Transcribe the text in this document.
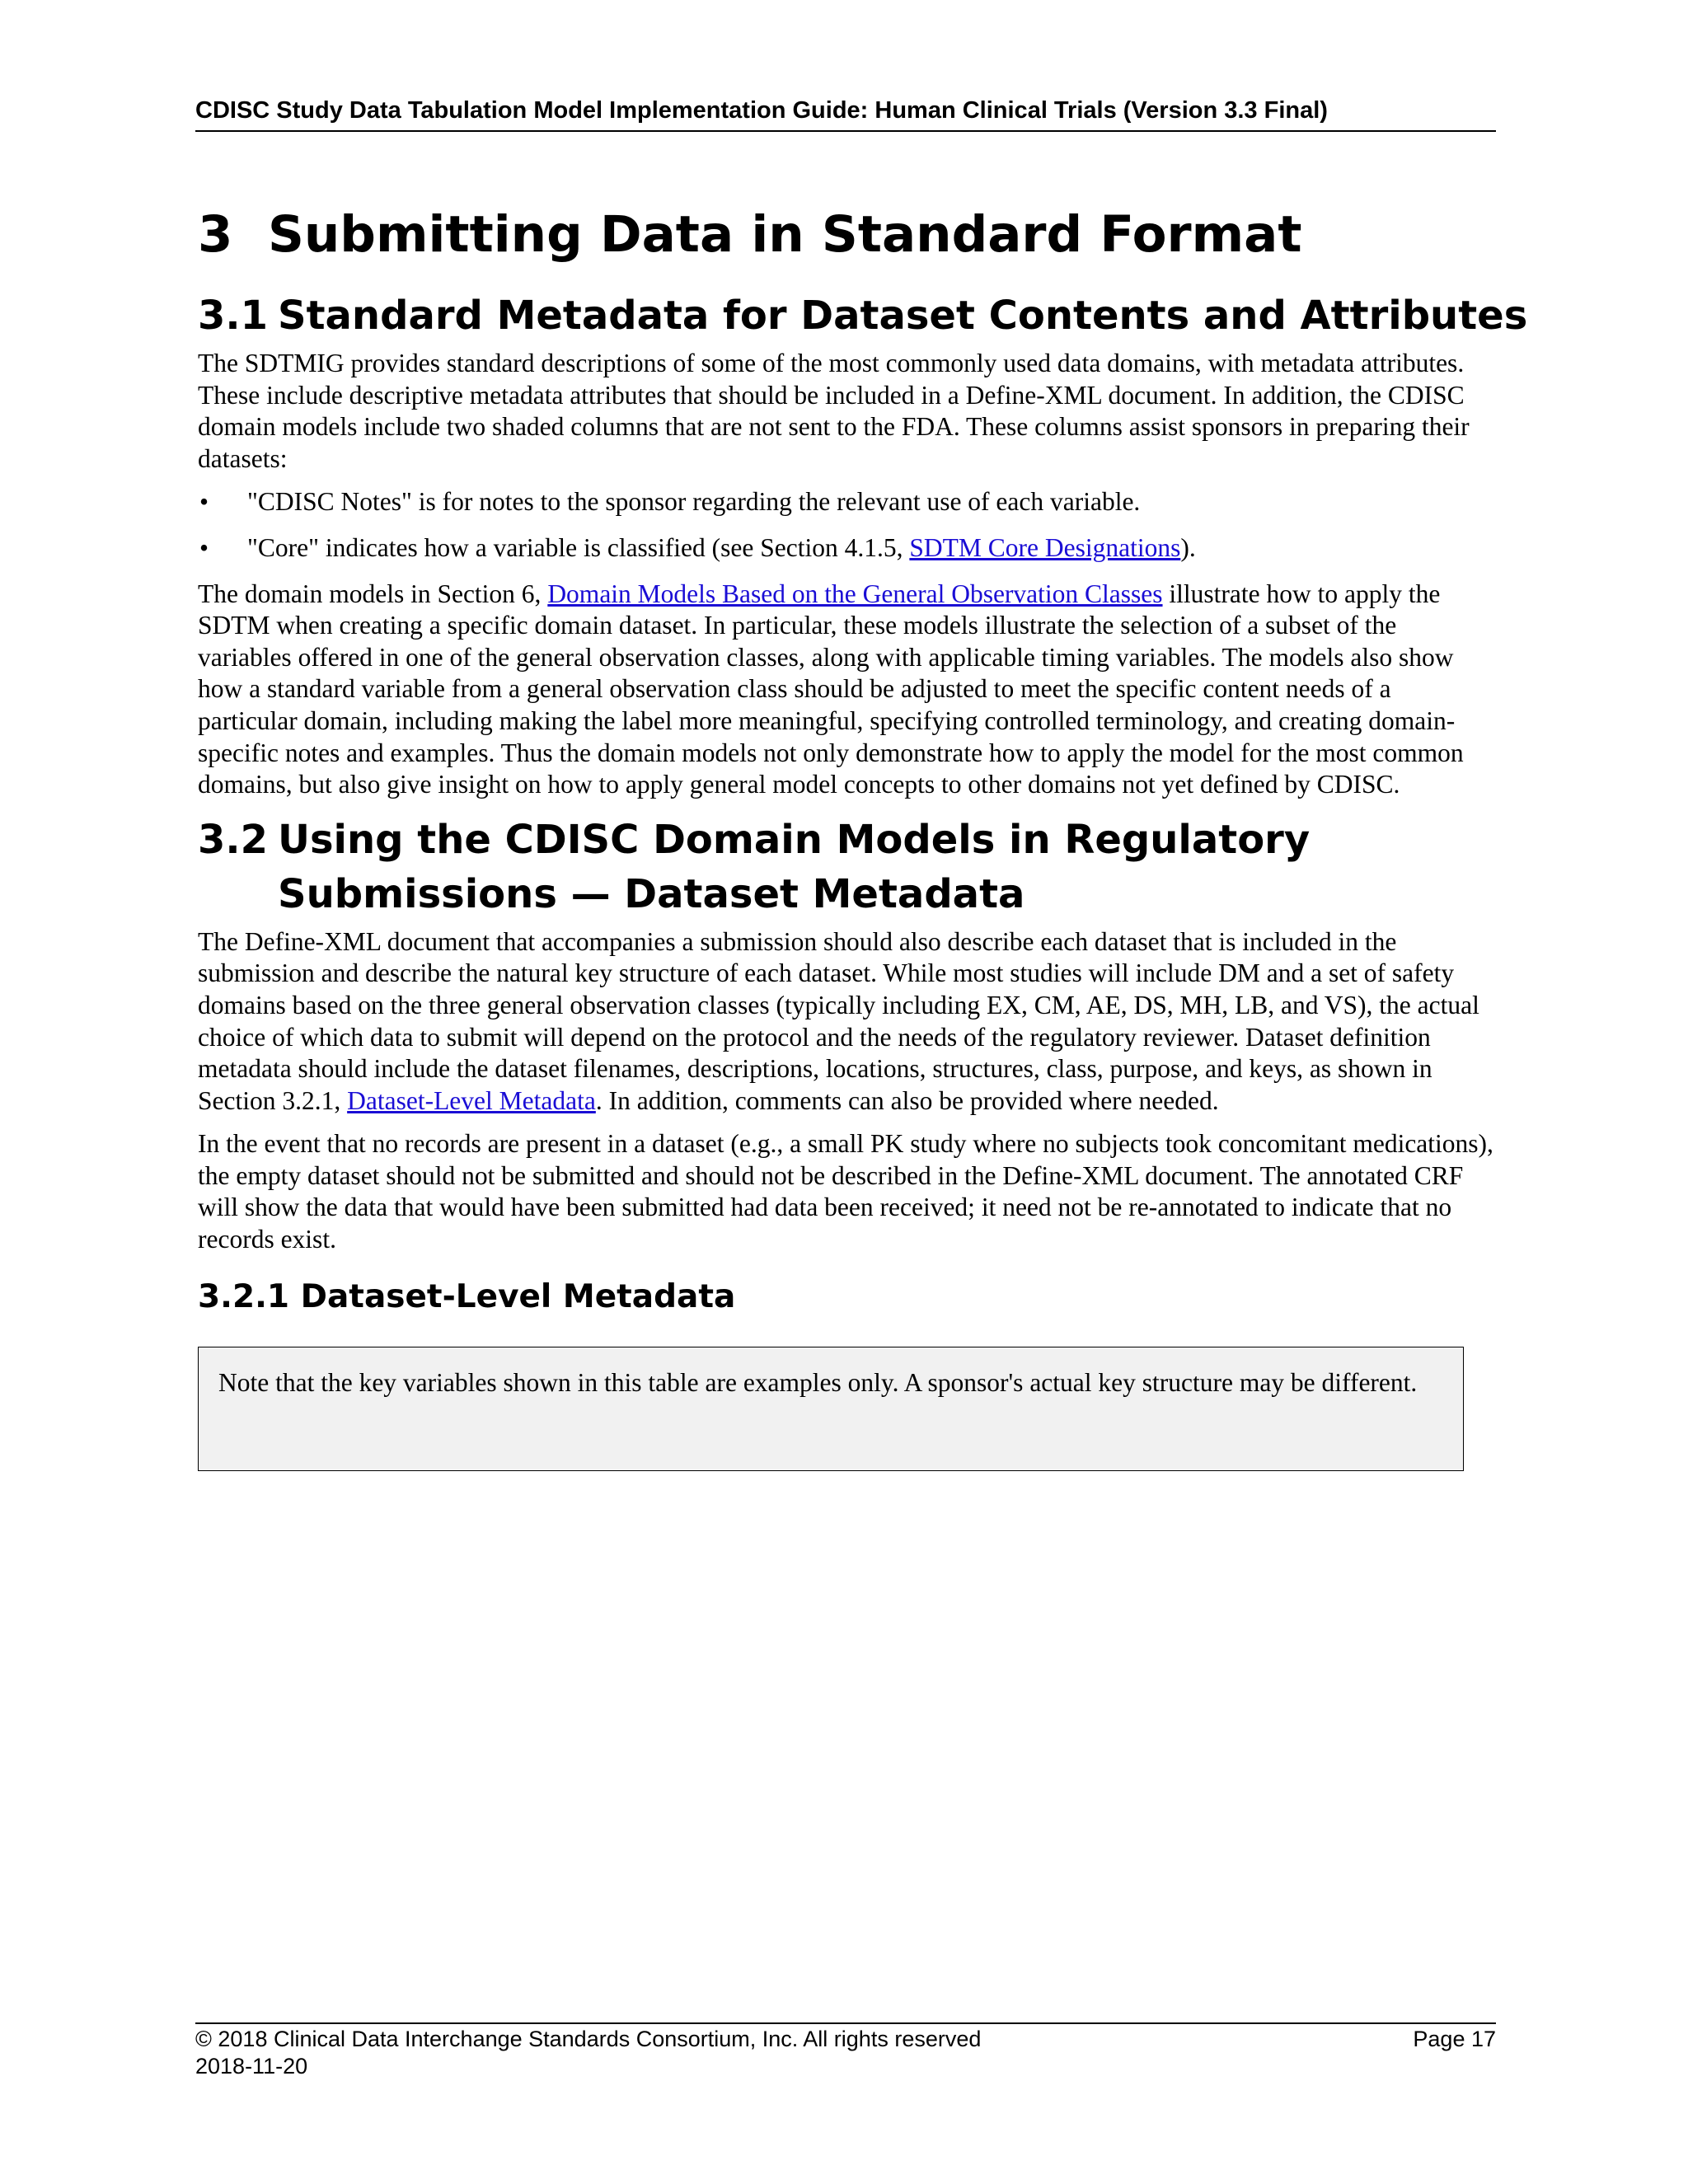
CDISC Study Data Tabulation Model Implementation Guide: Human Clinical Trials (Version 3.3 Final)
3 Submitting Data in Standard Format
3.1 Standard Metadata for Dataset Contents and Attributes

The SDTMIG provides standard descriptions of some of the most commonly used data domains, with metadata attributes. These include descriptive metadata attributes that should be included in a Define-XML document. In addition, the CDISC domain models include two shaded columns that are not sent to the FDA. These columns assist sponsors in preparing their datasets:

• "CDISC Notes" is for notes to the sponsor regarding the relevant use of each variable.
• "Core" indicates how a variable is classified (see Section 4.1.5, SDTM Core Designations).

The domain models in Section 6, Domain Models Based on the General Observation Classes illustrate how to apply the SDTM when creating a specific domain dataset. In particular, these models illustrate the selection of a subset of the variables offered in one of the general observation classes, along with applicable timing variables. The models also show how a standard variable from a general observation class should be adjusted to meet the specific content needs of a particular domain, including making the label more meaningful, specifying controlled terminology, and creating domain-specific notes and examples. Thus the domain models not only demonstrate how to apply the model for the most common domains, but also give insight on how to apply general model concepts to other domains not yet defined by CDISC.

3.2 Using the CDISC Domain Models in Regulatory Submissions — Dataset Metadata

The Define-XML document that accompanies a submission should also describe each dataset that is included in the submission and describe the natural key structure of each dataset. While most studies will include DM and a set of safety domains based on the three general observation classes (typically including EX, CM, AE, DS, MH, LB, and VS), the actual choice of which data to submit will depend on the protocol and the needs of the regulatory reviewer. Dataset definition metadata should include the dataset filenames, descriptions, locations, structures, class, purpose, and keys, as shown in Section 3.2.1, Dataset-Level Metadata. In addition, comments can also be provided where needed.

In the event that no records are present in a dataset (e.g., a small PK study where no subjects took concomitant medications), the empty dataset should not be submitted and should not be described in the Define-XML document. The annotated CRF will show the data that would have been submitted had data been received; it need not be re-annotated to indicate that no records exist.

3.2.1 Dataset-Level Metadata

Note that the key variables shown in this table are examples only. A sponsor's actual key structure may be different.

© 2018 Clinical Data Interchange Standards Consortium, Inc. All rights reserved	Page 17
2018-11-20
